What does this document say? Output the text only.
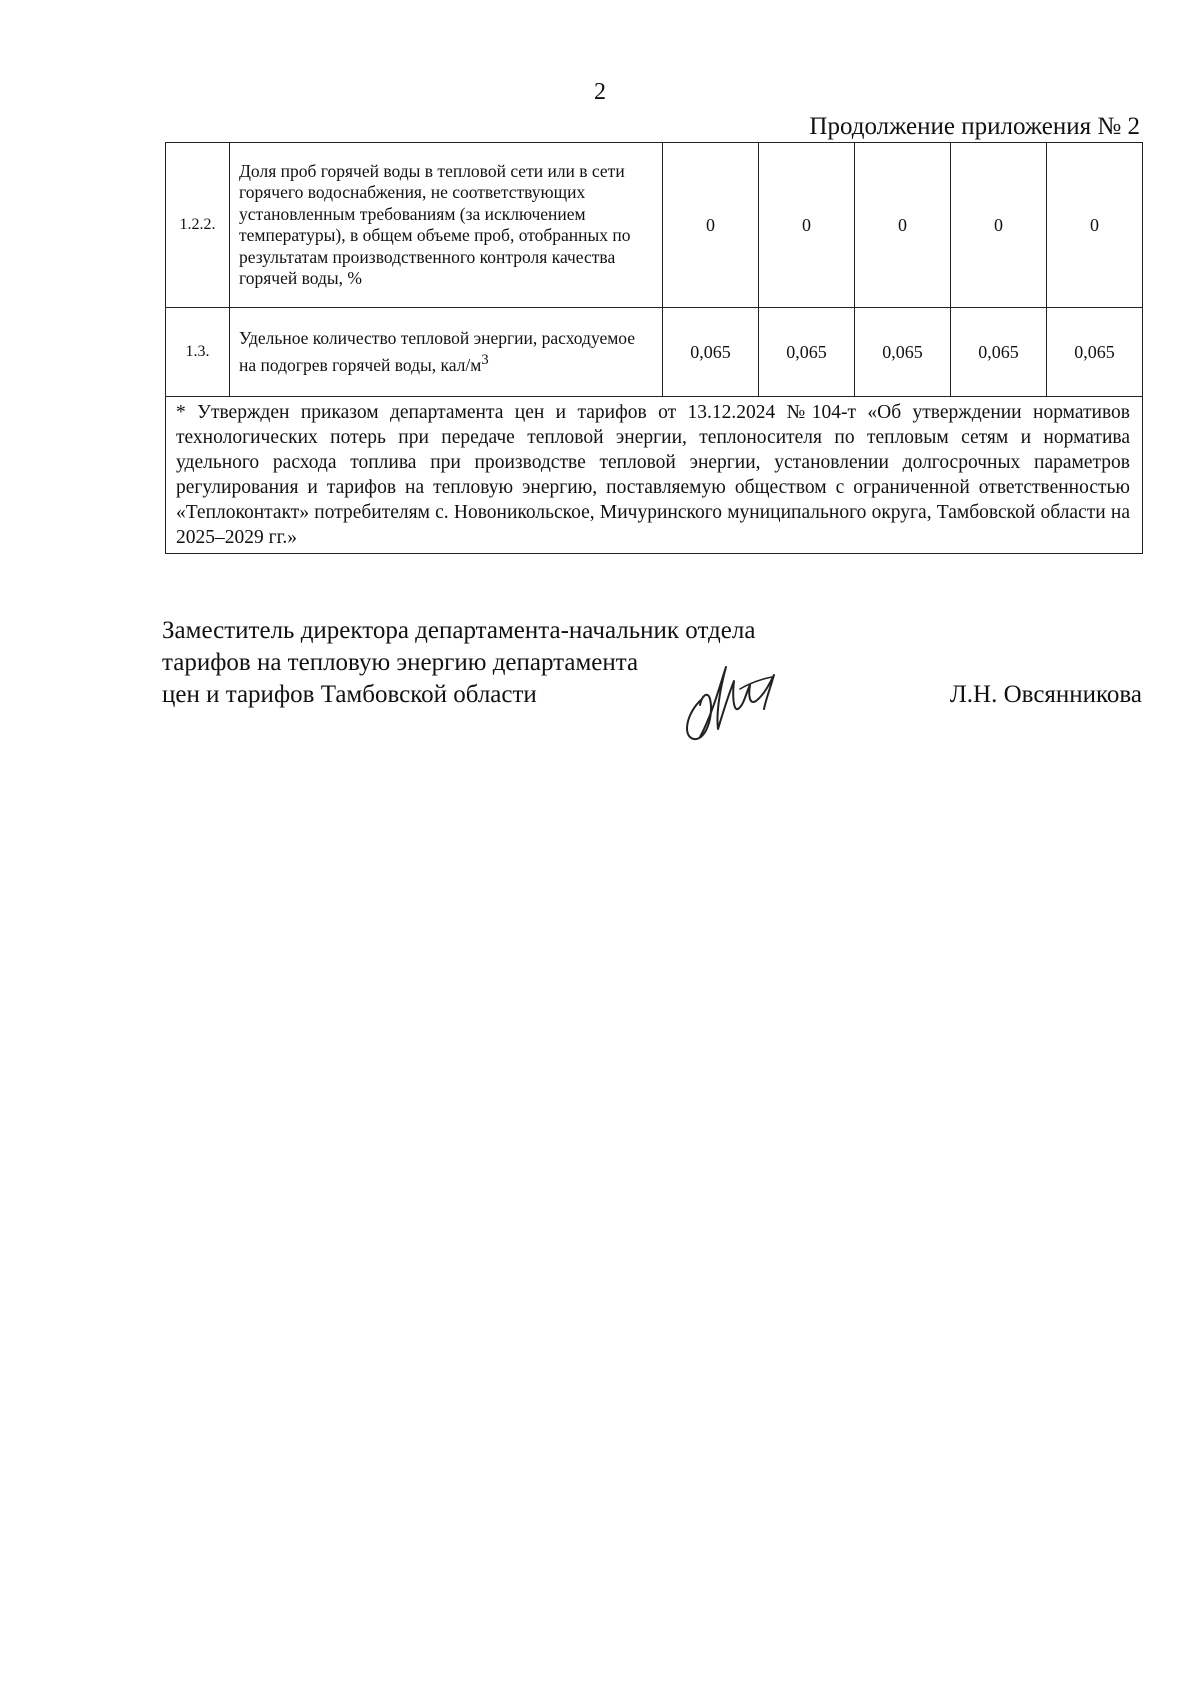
2
Продолжение приложения № 2
1.2.2.	Доля проб горячей воды в тепловой сети или в сети горячего водоснабжения, не соответствующих установленным требованиям (за исключением температуры), в общем объеме проб, отобранных по результатам производственного контроля качества горячей воды, %	0	0	0	0	0
1.3.	Удельное количество тепловой энергии, расходуемое на подогрев горячей воды, кал/$м^3$	0,065	0,065	0,065	0,065	0,065
* Утвержден приказом департамента цен и тарифов от 13.12.2024 №104-т «Об утверждении нормативов технологических потерь при передаче тепловой энергии, теплоносителя по тепловым сетям и норматива удельного расхода топлива при производстве тепловой энергии, установлении долгосрочных параметров регулирования и тарифов на тепловую энергию, поставляемую обществом с ограниченной ответственностью «Теплоконтакт» потребителям с. Новоникольское, Мичуринского муниципального округа, Тамбовской области на 2025–2029 гг.»						
Заместитель директора департамента-начальник отдела
тарифов на тепловую энергию департамента
цен и тарифов Тамбовской области	Л.Н. Овсянникова
